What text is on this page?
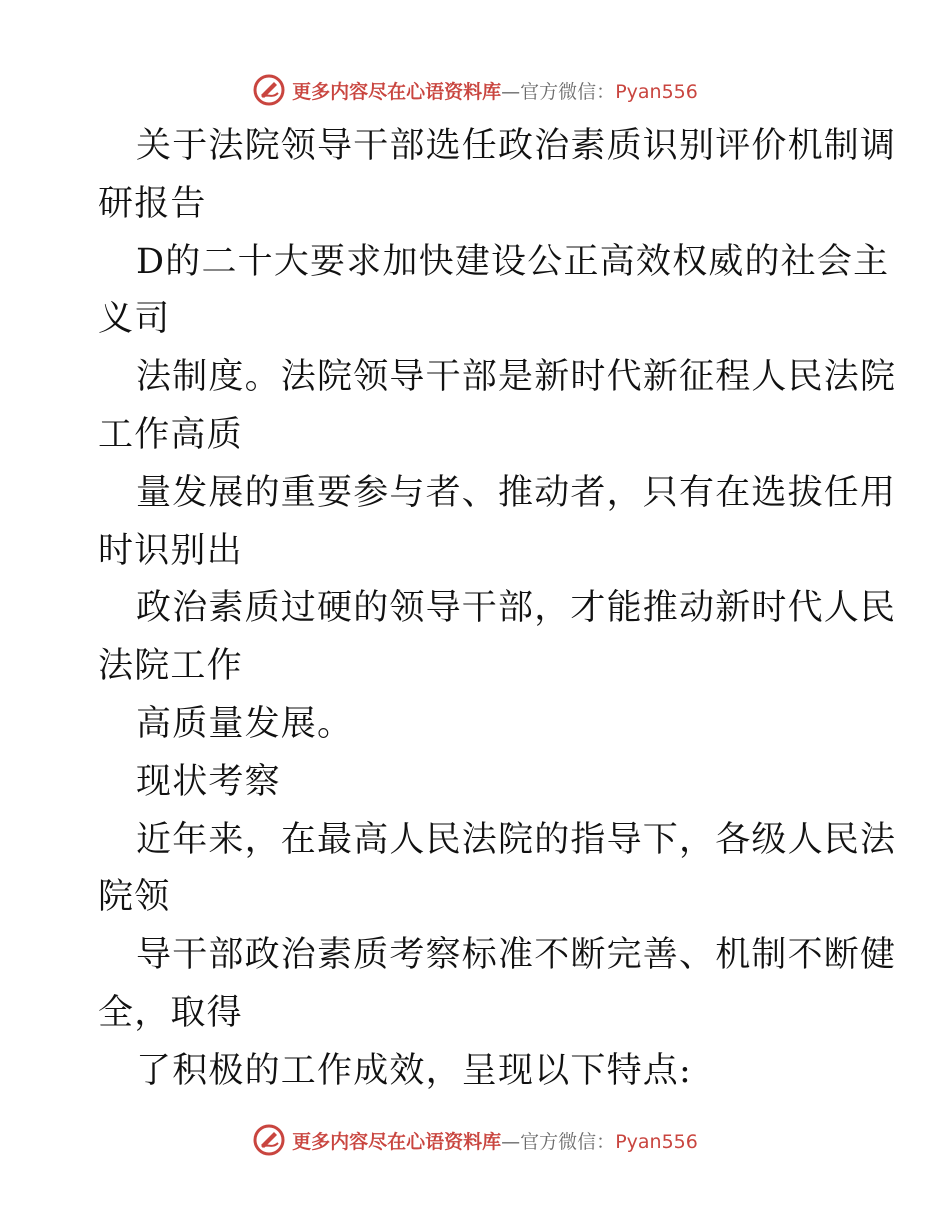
更多内容尽在心语资料库—官方微信：Pyan556
关于法院领导干部选任政治素质识别评价机制调
研报告
D的二十大要求加快建设公正高效权威的社会主
义司
法制度。法院领导干部是新时代新征程人民法院
工作高质
量发展的重要参与者、推动者，只有在选拔任用
时识别出
政治素质过硬的领导干部，才能推动新时代人民
法院工作
高质量发展。
现状考察
近年来，在最高人民法院的指导下，各级人民法
院领
导干部政治素质考察标准不断完善、机制不断健
全，取得
了积极的工作成效，呈现以下特点:
更多内容尽在心语资料库—官方微信：Pyan556
